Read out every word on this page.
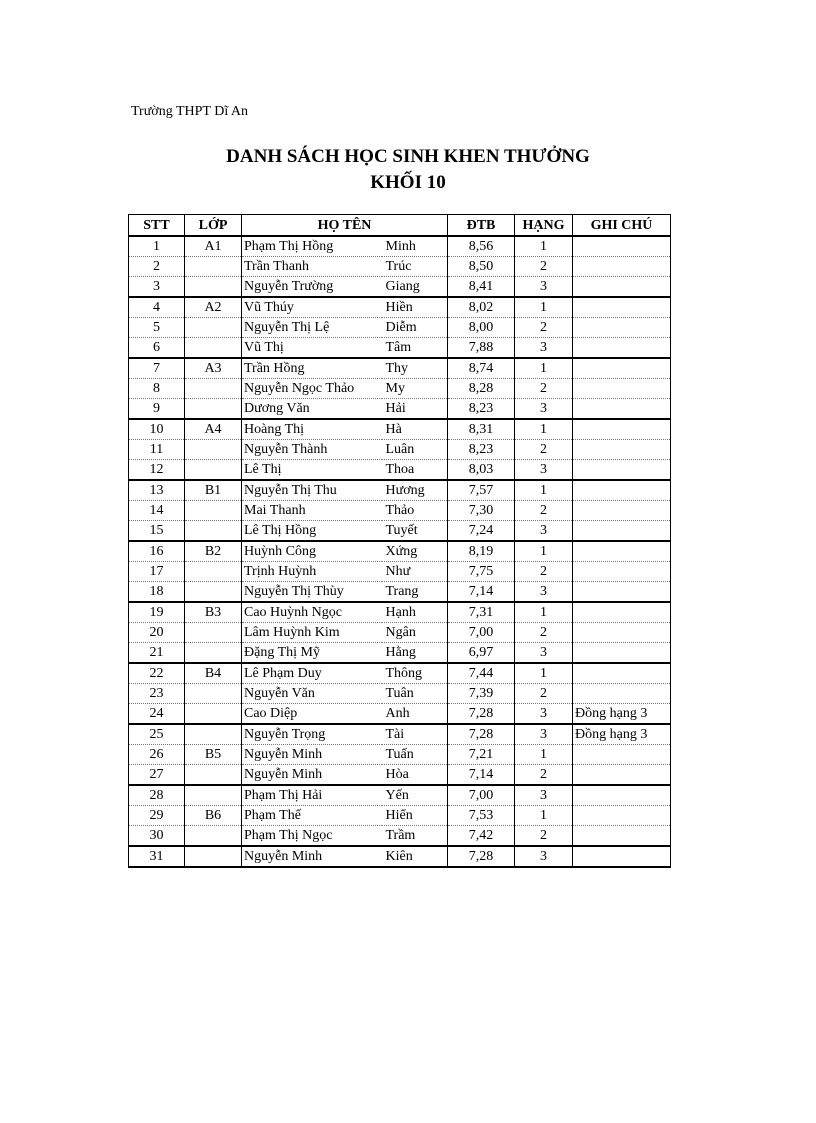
Trường THPT Dĩ An
DANH SÁCH HỌC SINH KHEN THƯỞNG
KHỐI 10
STT	LỚP	HỌ TÊN		ĐTB	HẠNG	GHI CHÚ
1	A1	Phạm Thị Hồng	Minh	8,56	1	
2		Trần Thanh	Trúc	8,50	2	
3		Nguyễn Trường	Giang	8,41	3	
4	A2	Vũ Thúy	Hiền	8,02	1	
5		Nguyễn Thị Lệ	Diễm	8,00	2	
6		Vũ Thị	Tâm	7,88	3	
7	A3	Trần Hồng	Thy	8,74	1	
8		Nguyễn Ngọc Thảo	My	8,28	2	
9		Dương Văn	Hải	8,23	3	
10	A4	Hoàng Thị	Hà	8,31	1	
11		Nguyễn Thành	Luân	8,23	2	
12		Lê Thị	Thoa	8,03	3	
13	B1	Nguyễn Thị Thu	Hương	7,57	1	
14		Mai Thanh	Thảo	7,30	2	
15		Lê Thị Hồng	Tuyết	7,24	3	
16	B2	Huỳnh Công	Xứng	8,19	1	
17		Trịnh Huỳnh	Như	7,75	2	
18		Nguyễn Thị Thùy	Trang	7,14	3	
19	B3	Cao Huỳnh Ngọc	Hạnh	7,31	1	
20		Lâm Huỳnh Kim	Ngân	7,00	2	
21		Đặng Thị Mỹ	Hằng	6,97	3	
22	B4	Lê Phạm Duy	Thông	7,44	1	
23		Nguyễn Văn	Tuân	7,39	2	
24		Cao Diệp	Anh	7,28	3	Đồng hạng 3
25		Nguyễn Trọng	Tài	7,28	3	Đồng hạng 3
26	B5	Nguyễn Minh	Tuấn	7,21	1	
27		Nguyễn Minh	Hòa	7,14	2	
28		Phạm Thị Hải	Yến	7,00	3	
29	B6	Phạm Thế	Hiển	7,53	1	
30		Phạm Thị Ngọc	Trầm	7,42	2	
31		Nguyễn Minh	Kiên	7,28	3	
